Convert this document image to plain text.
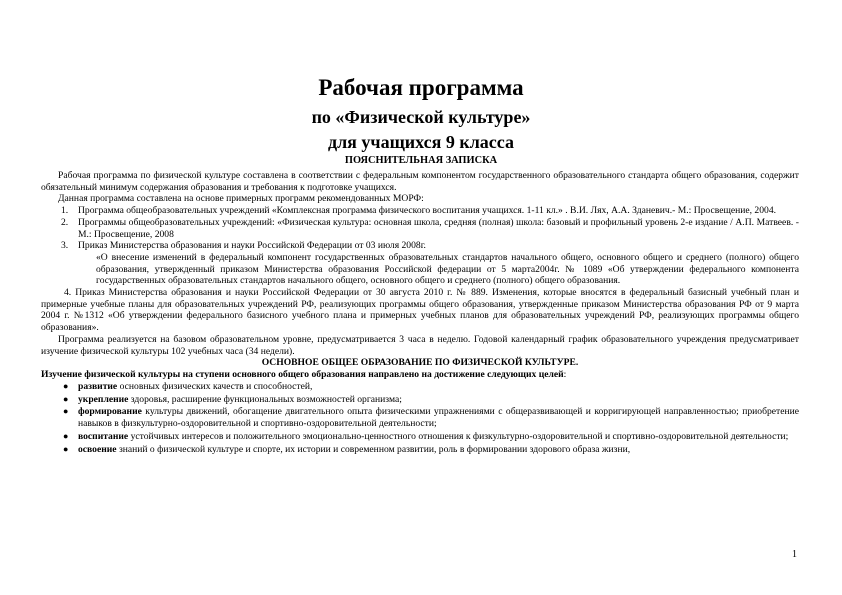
Рабочая программа
по «Физической культуре»
для учащихся 9 класса
ПОЯСНИТЕЛЬНАЯ ЗАПИСКА

Рабочая программа по физической культуре составлена в соответствии с федеральным компонентом государственного образовательного стандарта общего образования, содержит обязательный минимум содержания образования и требования к подготовке учащихся.

Данная программа составлена на основе примерных программ рекомендованных МОРФ:

1. Программа общеобразовательных учреждений «Комплексная программа физического воспитания учащихся. 1-11 кл.» . В.И. Лях, А.А. Зданевич.- М.: Просвещение, 2004.
2. Программы общеобразовательных учреждений: «Физическая культура: основная школа, средняя (полная) школа: базовый и профильный уровень 2-е издание / А.П. Матвеев. - М.: Просвещение, 2008
3. Приказ Министерства образования и науки Российской Федерации от 03 июля 2008г.

«О внесение изменений в федеральный компонент государственных образовательных стандартов начального общего, основного общего и среднего (полного) общего образования, утвержденный приказом Министерства образования Российской федерации от 5 марта2004г. № 1089 «Об утверждении федерального компонента государственных образовательных стандартов начального общего, основного общего и среднего (полного) общего образования.

4. Приказ Министерства образования и науки Российской Федерации от 30 августа 2010 г. № 889. Изменения, которые вносятся в федеральный базисный учебный план и примерные учебные планы для образовательных учреждений РФ, реализующих программы общего образования, утвержденные приказом Министерства образования РФ от 9 марта 2004 г. №1312 «Об утверждении федерального базисного учебного плана и примерных учебных планов для образовательных учреждений РФ, реализующих программы общего образования».

Программа реализуется на базовом образовательном уровне, предусматривается 3 часа в неделю. Годовой календарный график образовательного учреждения предусматривает изучение физической культуры 102 учебных часа (34 недели).

ОСНОВНОЕ ОБЩЕЕ ОБРАЗОВАНИЕ ПО ФИЗИЧЕСКОЙ КУЛЬТУРЕ.

Изучение физической культуры на ступени основного общего образования направлено на достижение следующих целей:

● развитие основных физических качеств и способностей,
● укрепление здоровья, расширение функциональных возможностей организма;
● формирование культуры движений, обогащение двигательного опыта физическими упражнениями с общеразвивающей и корригирующей направленностью; приобретение навыков в физкультурно-оздоровительной и спортивно-оздоровительной деятельности;
● воспитание устойчивых интересов и положительного эмоционально-ценностного отношения к физкультурно-оздоровительной и спортивно-оздоровительной деятельности;
● освоение знаний о физической культуре и спорте, их истории и современном развитии, роль в формировании здорового образа жизни,
1
